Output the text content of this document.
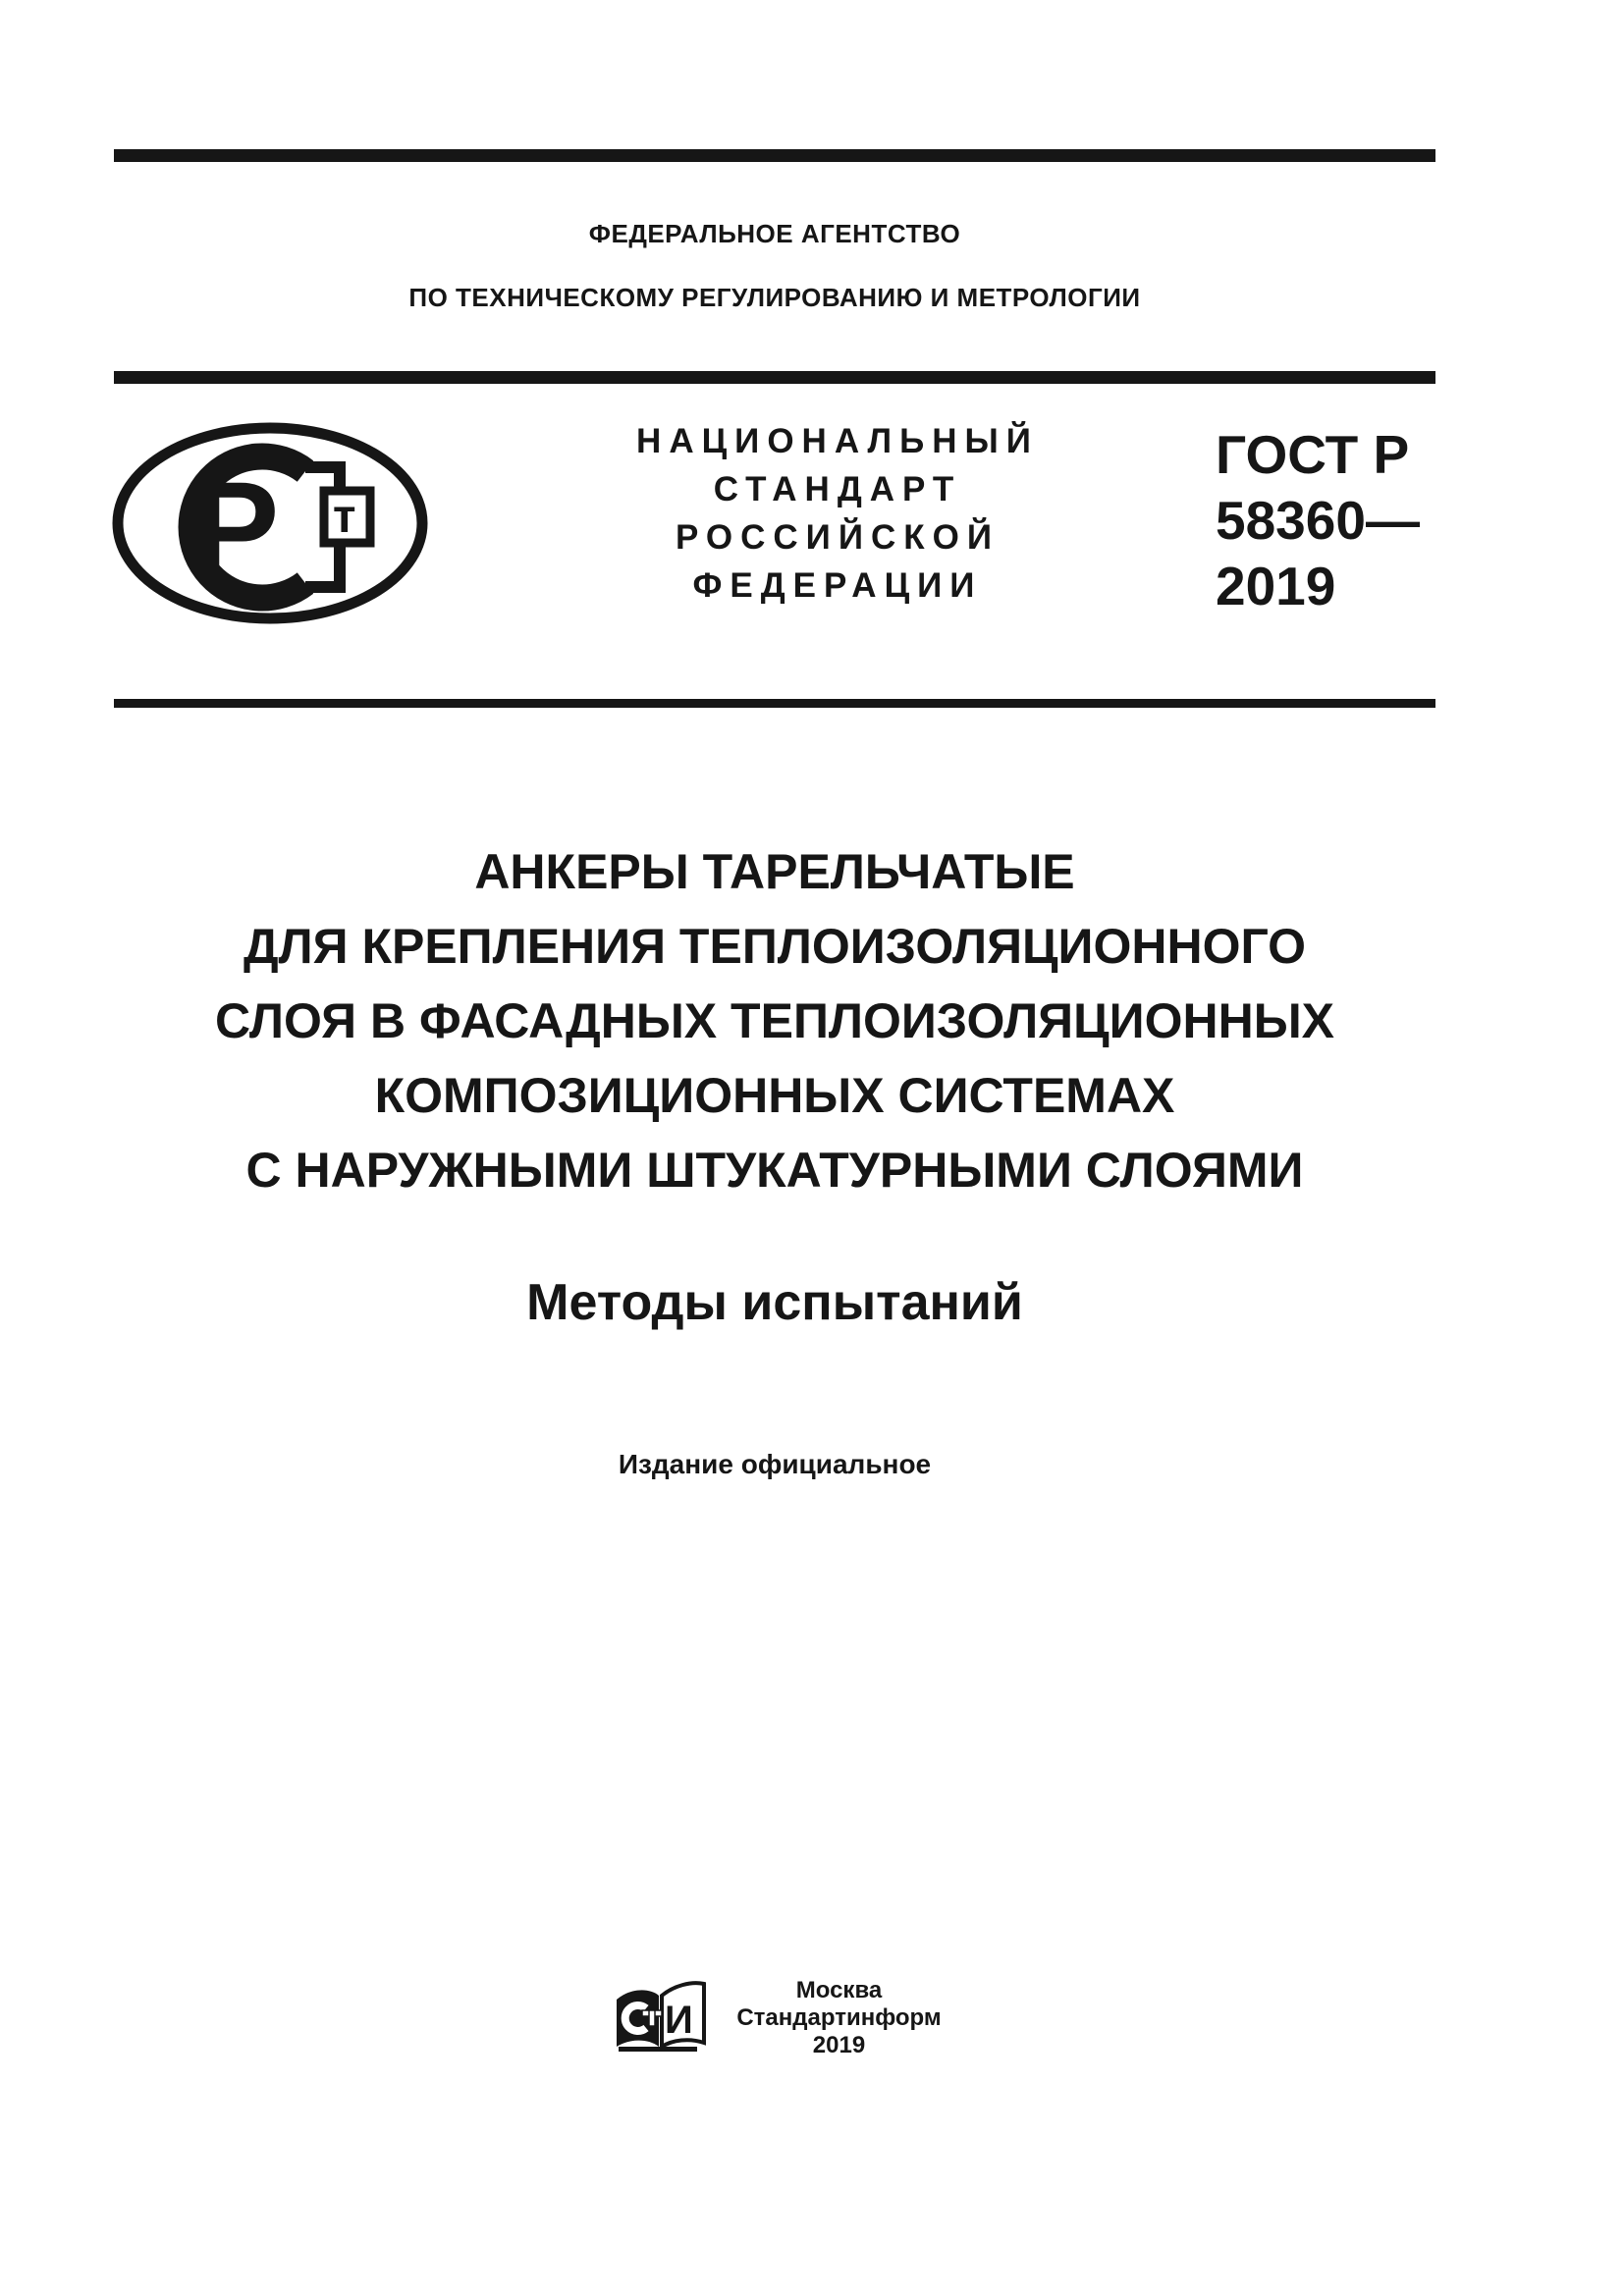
ФЕДЕРАЛЬНОЕ АГЕНТСТВО
ПО ТЕХНИЧЕСКОМУ РЕГУЛИРОВАНИЮ И МЕТРОЛОГИИ
Р т
НАЦИОНАЛЬНЫЙ
СТАНДАРТ
РОССИЙСКОЙ
ФЕДЕРАЦИИ
ГОСТ Р
58360—
2019
АНКЕРЫ ТАРЕЛЬЧАТЫЕ
ДЛЯ КРЕПЛЕНИЯ ТЕПЛОИЗОЛЯЦИОННОГО
СЛОЯ В ФАСАДНЫХ ТЕПЛОИЗОЛЯЦИОННЫХ
КОМПОЗИЦИОННЫХ СИСТЕМАХ
С НАРУЖНЫМИ ШТУКАТУРНЫМИ СЛОЯМИ
Методы испытаний
Издание официальное
И
Москва
Стандартинформ
2019
